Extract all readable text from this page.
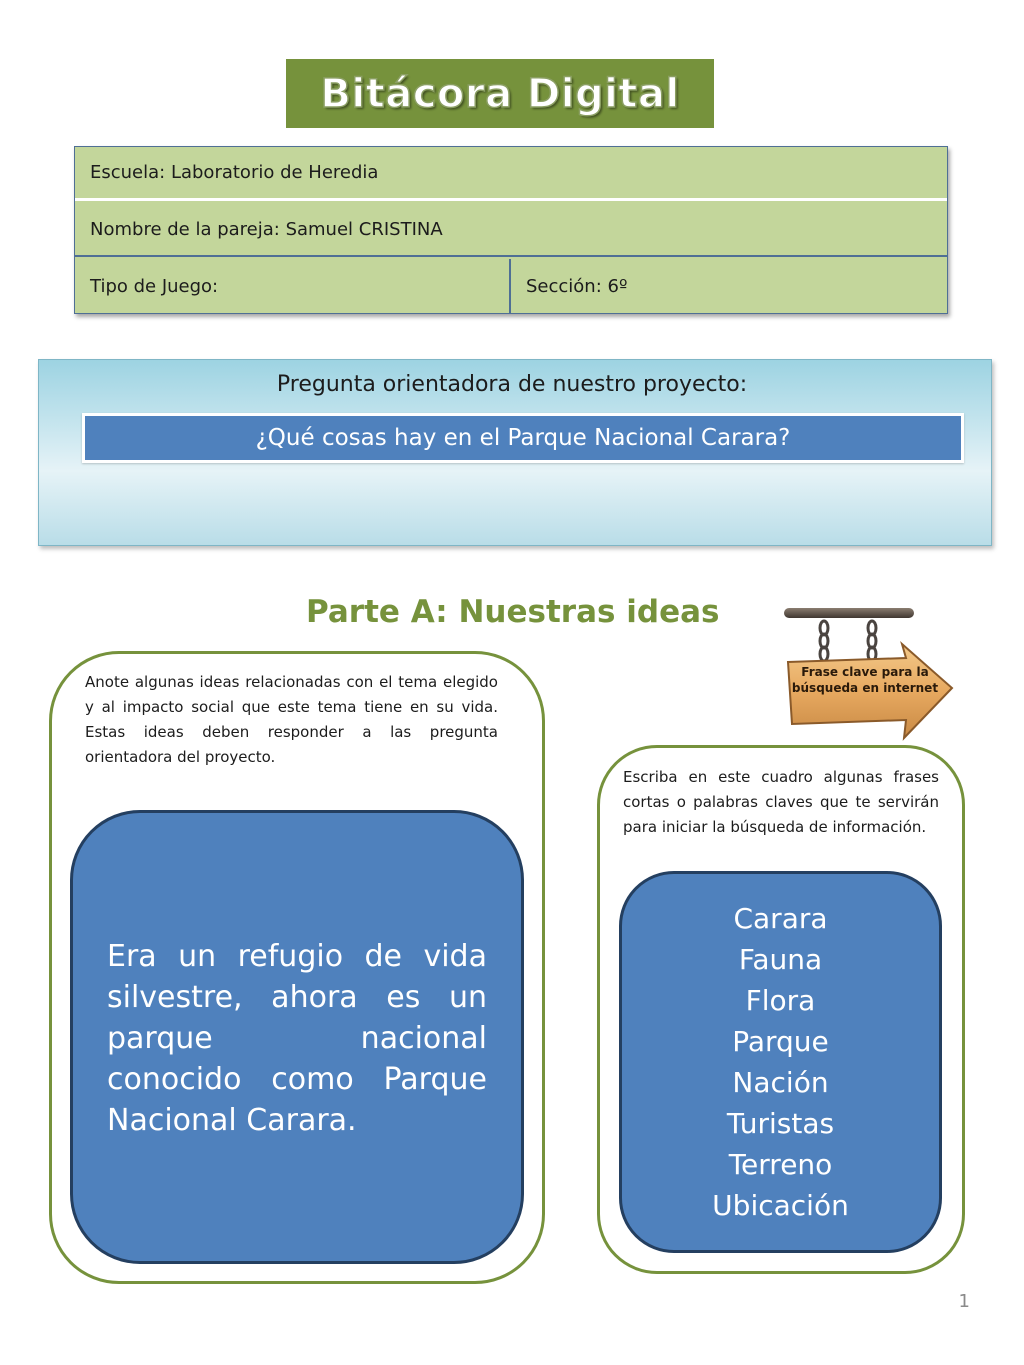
Bitácora Digital
Escuela: Laboratorio de Heredia
Nombre de la pareja: Samuel CRISTINA
Tipo de Juego:	Sección: 6º
Pregunta orientadora de nuestro proyecto:
¿Qué cosas hay en el Parque Nacional Carara?
Parte A: Nuestras ideas
Anote algunas ideas relacionadas con el tema elegido y al impacto social que este tema tiene en su vida. Estas ideas deben responder a las pregunta orientadora del proyecto.
Era un refugio de vida silvestre, ahora es un parque nacional conocido como Parque Nacional Carara.
Frase clave para la búsqueda en internet
Escriba en este cuadro algunas frases cortas o palabras claves que te servirán para iniciar la búsqueda de información.
Carara
Fauna
Flora
Parque
Nación
Turistas
Terreno
Ubicación
1
